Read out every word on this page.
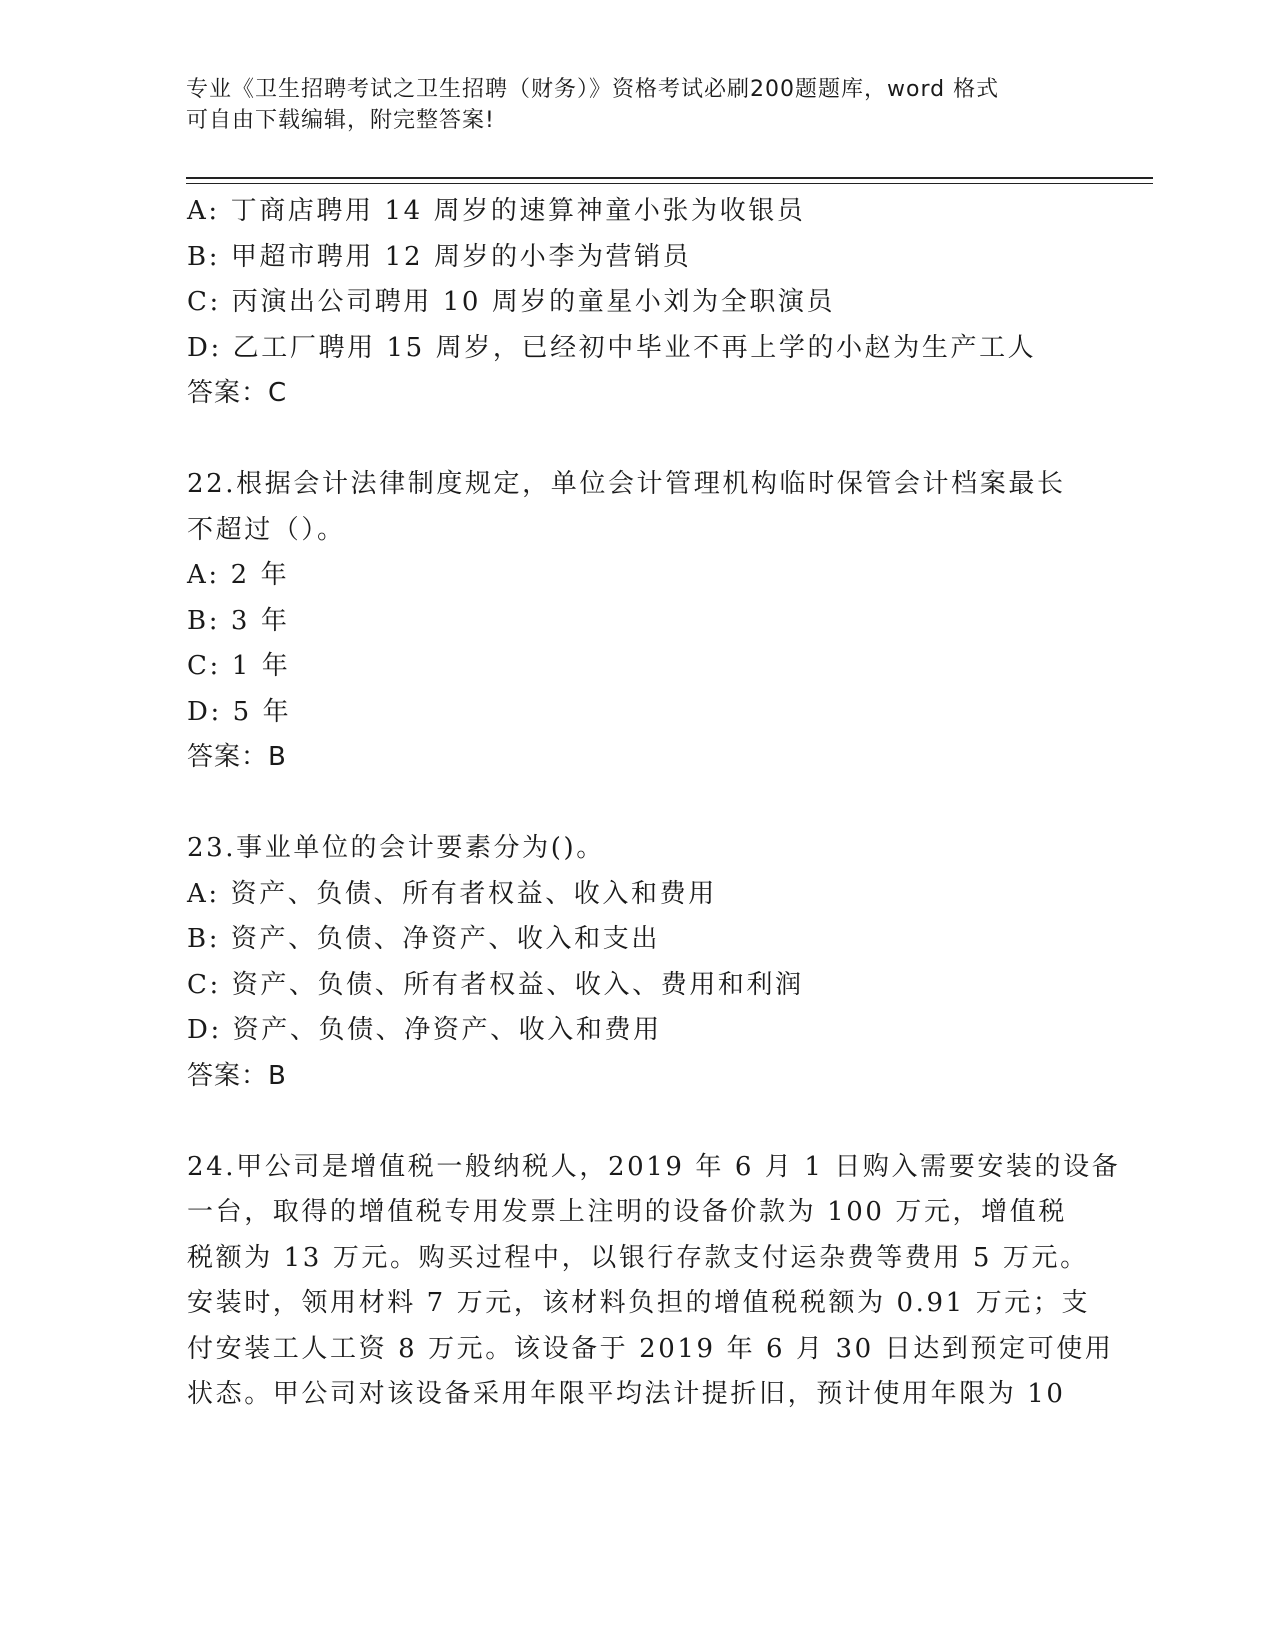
专业《卫生招聘考试之卫生招聘（财务）》资格考试必刷200题题库，word 格式
可自由下载编辑，附完整答案!

A: 丁商店聘用 14 周岁的速算神童小张为收银员

B: 甲超市聘用 12 周岁的小李为营销员

C: 丙演出公司聘用 10 周岁的童星小刘为全职演员

D: 乙工厂聘用 15 周岁，已经初中毕业不再上学的小赵为生产工人

答案：C

22.根据会计法律制度规定，单位会计管理机构临时保管会计档案最长

不超过（）。

A: 2 年

B: 3 年

C: 1 年

D: 5 年

答案：B

23.事业单位的会计要素分为()。

A: 资产、负债、所有者权益、收入和费用

B: 资产、负债、净资产、收入和支出

C: 资产、负债、所有者权益、收入、费用和利润

D: 资产、负债、净资产、收入和费用

答案：B

24.甲公司是增值税一般纳税人，2019 年 6 月 1 日购入需要安装的设备

一台，取得的增值税专用发票上注明的设备价款为 100 万元，增值税

税额为 13 万元。购买过程中，以银行存款支付运杂费等费用 5 万元。

安装时，领用材料 7 万元，该材料负担的增值税税额为 0.91 万元；支

付安装工人工资 8 万元。该设备于 2019 年 6 月 30 日达到预定可使用

状态。甲公司对该设备采用年限平均法计提折旧，预计使用年限为 10
